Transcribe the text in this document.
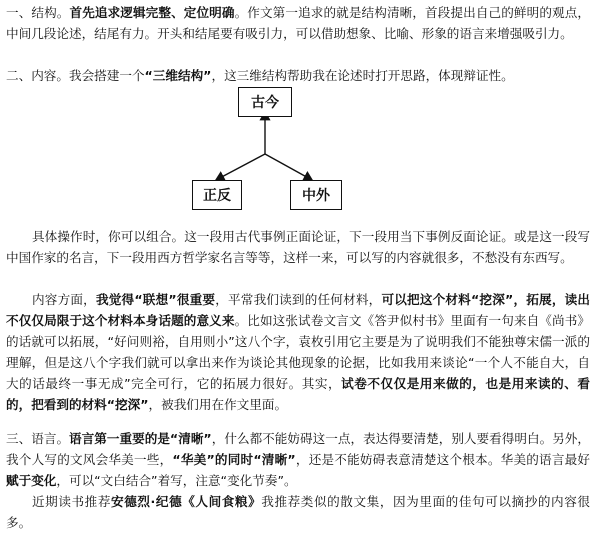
一、结构。首先追求逻辑完整、定位明确。作文第一追求的就是结构清晰，首段提出自己的鲜明的观点，中间几段论述，结尾有力。开头和结尾要有吸引力，可以借助想象、比喻、形象的语言来增强吸引力。
二、内容。我会搭建一个“三维结构”，这三维结构帮助我在论述时打开思路，体现辩证性。
古今
正反	中外
具体操作时，你可以组合。这一段用古代事例正面论证，下一段用当下事例反面论证。或是这一段写中国作家的名言，下一段用西方哲学家名言等等，这样一来，可以写的内容就很多，不愁没有东西写。
内容方面，我觉得“联想”很重要，平常我们读到的任何材料，可以把这个材料“挖深”，拓展，读出不仅仅局限于这个材料本身话题的意义来。比如这张试卷文言文《答尹似村书》里面有一句来自《尚书》的话就可以拓展，“好问则裕，自用则小”这八个字，袁枚引用它主要是为了说明我们不能独尊宋儒一派的理解，但是这八个字我们就可以拿出来作为谈论其他现象的论据，比如我用来谈论“一个人不能自大，自大的话最终一事无成”完全可行，它的拓展力很好。其实，试卷不仅仅是用来做的，也是用来读的、看的，把看到的材料“挖深”，被我们用在作文里面。
三、语言。语言第一重要的是“清晰”，什么都不能妨碍这一点，表达得要清楚，别人要看得明白。另外，我个人写的文风会华美一些，“华美”的同时“清晰”，还是不能妨碍表意清楚这个根本。华美的语言最好赋于变化，可以“文白结合”着写，注意“变化节奏”。
近期读书推荐安德烈·纪德《人间食粮》我推荐类似的散文集，因为里面的佳句可以摘抄的内容很多。
